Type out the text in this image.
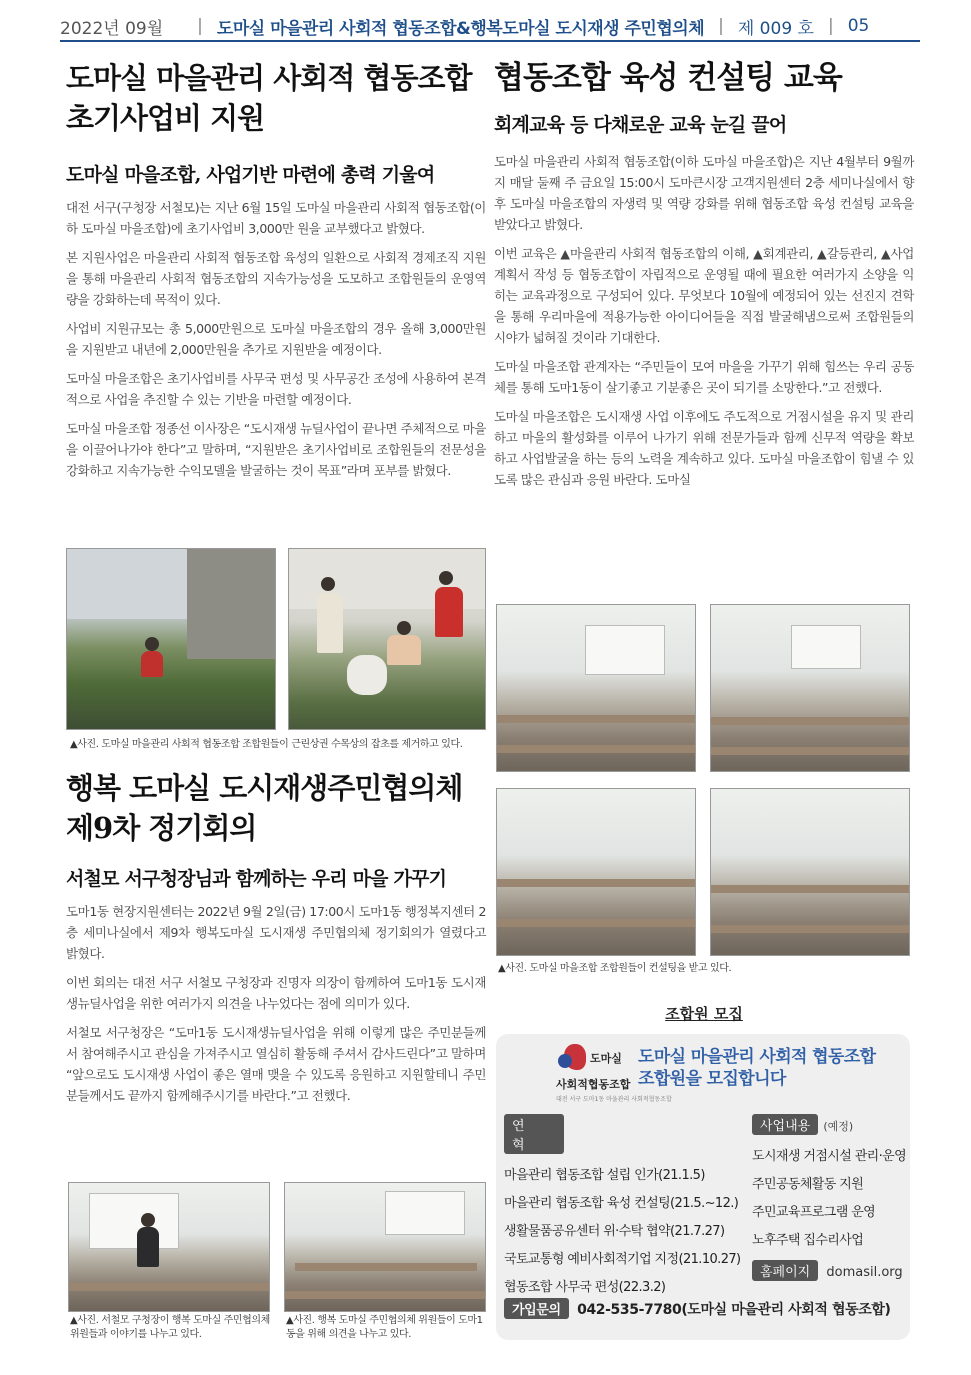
2022년 09월 | 도마실 마을관리 사회적 협동조합&행복도마실 도시재생 주민협의체 | 제 009 호 | 05
도마실 마을관리 사회적 협동조합
초기사업비 지원
도마실 마을조합, 사업기반 마련에 총력 기울여

대전 서구(구청장 서철모)는 지난 6월 15일 도마실 마을관리 사회적 협동조합(이하 도마실 마을조합)에 초기사업비 3,000만 원을 교부했다고 밝혔다.

본 지원사업은 마을관리 사회적 협동조합 육성의 일환으로 사회적 경제조직 지원을 통해 마을관리 사회적 협동조합의 지속가능성을 도모하고 조합원들의 운영역량을 강화하는데 목적이 있다.

사업비 지원규모는 총 5,000만원으로 도마실 마을조합의 경우 올해 3,000만원을 지원받고 내년에 2,000만원을 추가로 지원받을 예정이다.

도마실 마을조합은 초기사업비를 사무국 편성 및 사무공간 조성에 사용하여 본격적으로 사업을 추진할 수 있는 기반을 마련할 예정이다.

도마실 마을조합 정종선 이사장은 “도시재생 뉴딜사업이 끝나면 주체적으로 마을을 이끌어나가야 한다”고 말하며, “지원받은 초기사업비로 조합원들의 전문성을 강화하고 지속가능한 수익모델을 발굴하는 것이 목표”라며 포부를 밝혔다.

▲사진. 도마실 마을관리 사회적 협동조합 조합원들이 근린상권 수목상의 잡초를 제거하고 있다.
행복 도마실 도시재생주민협의체
제9차 정기회의
서철모 서구청장님과 함께하는 우리 마을 가꾸기

도마1동 현장지원센터는 2022년 9월 2일(금) 17:00시 도마1동 행정복지센터 2층 세미나실에서 제9차 행복도마실 도시재생 주민협의체 정기회의가 열렸다고 밝혔다.

이번 회의는 대전 서구 서철모 구청장과 진명자 의장이 함께하여 도마1동 도시재생뉴딜사업을 위한 여러가지 의견을 나누었다는 점에 의미가 있다.

서철모 서구청장은 “도마1동 도시재생뉴딜사업을 위해 이렇게 많은 주민분들께서 참여해주시고 관심을 가져주시고 열심히 활동해 주셔서 감사드린다”고 말하며 “앞으로도 도시재생 사업이 좋은 열매 맺을 수 있도록 응원하고 지원할테니 주민분들께서도 끝까지 함께해주시기를 바란다.”고 전했다.

▲사진. 서철모 구청장이 행복 도마실 주민협의체 위원들과 이야기를 나누고 있다.
▲사진. 행복 도마실 주민협의체 위원들이 도마1동을 위해 의견을 나누고 있다.
협동조합 육성 컨설팅 교육
회계교육 등 다채로운 교육 눈길 끌어

도마실 마을관리 사회적 협동조합(이하 도마실 마을조합)은 지난 4월부터 9월까지 매달 둘째 주 금요일 15:00시 도마큰시장 고객지원센터 2층 세미나실에서 향후 도마실 마을조합의 자생력 및 역량 강화를 위해 협동조합 육성 컨설팅 교육을 받았다고 밝혔다.

이번 교육은 ▲마을관리 사회적 협동조합의 이해, ▲회계관리, ▲갈등관리, ▲사업계획서 작성 등 협동조합이 자립적으로 운영될 때에 필요한 여러가지 소양을 익히는 교육과정으로 구성되어 있다. 무엇보다 10월에 예정되어 있는 선진지 견학을 통해 우리마을에 적용가능한 아이디어들을 직접 발굴해냄으로써 조합원들의 시야가 넓혀질 것이라 기대한다.

도마실 마을조합 관계자는 “주민들이 모여 마을을 가꾸기 위해 힘쓰는 우리 공동체를 통해 도마1동이 살기좋고 기분좋은 곳이 되기를 소망한다.”고 전했다.

도마실 마을조합은 도시재생 사업 이후에도 주도적으로 거점시설을 유지 및 관리하고 마을의 활성화를 이루어 나가기 위해 전문가들과 함께 신무적 역량을 확보하고 사업발굴을 하는 등의 노력을 계속하고 있다. 도마실 마을조합이 힘낼 수 있도록 많은 관심과 응원 바란다. 도마실

▲사진. 도마실 마을조합 조합원들이 컨설팅을 받고 있다.
조합원 모집
도마실
사회적협동조합
대전 서구 도마1동 마을관리 사회적협동조합
도마실 마을관리 사회적 협동조합
조합원을 모집합니다
연혁
마을관리 협동조합 설립 인가(21.1.5)
마을관리 협동조합 육성 컨설팅(21.5.~12.)
생활물품공유센터 위·수탁 협약(21.7.27)
국토교통형 예비사회적기업 지정(21.10.27)
협동조합 사무국 편성(22.3.2)
사업내용 (예정)
도시재생 거점시설 관리·운영
주민공동체활동 지원
주민교육프로그램 운영
노후주택 집수리사업
홈페이지 domasil.org
가입문의 042-535-7780(도마실 마을관리 사회적 협동조합)
